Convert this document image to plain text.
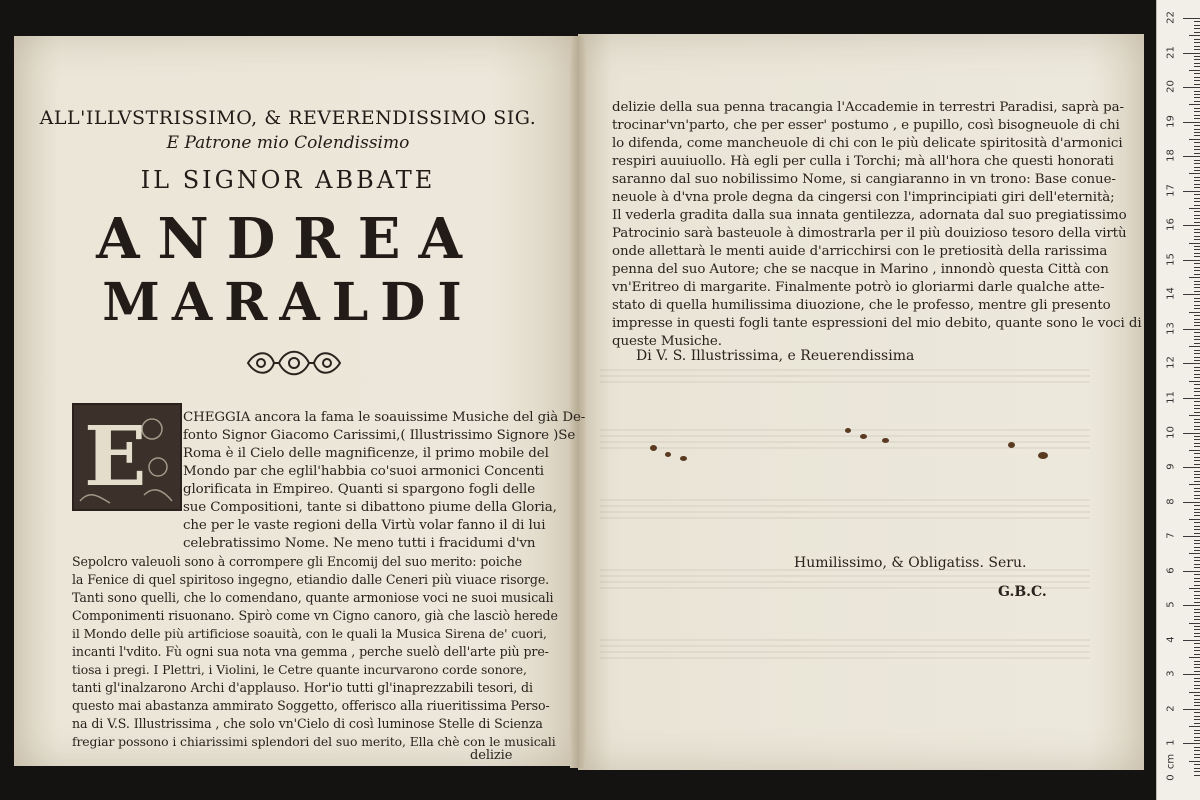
ALL'ILLVSTRISSIMO, & REVERENDISSIMO SIG.
E Patrone mio Colendissimo
IL SIGNOR ABBATE
ANDREA
MARALDI
E	CHEGGIA ancora la fama le soauissime Musiche del già De-
fonto Signor Giacomo Carissimi,( Illustrissimo Signore )Se
Roma è il Cielo delle magnificenze, il primo mobile del
Mondo par che eglil'habbia co'suoi armonici Concenti
glorificata in Empireo. Quanti si spargono fogli delle
sue Compositioni, tante si dibattono piume della Gloria,
che per le vaste regioni della Virtù volar fanno il di lui
celebratissimo Nome. Ne meno tutti i fracidumi d'vn
Sepolcro valeuoli sono à corrompere gli Encomij del suo merito: poiche
la Fenice di quel spiritoso ingegno, etiandio dalle Ceneri più viuace risorge.
Tanti sono quelli, che lo comendano, quante armoniose voci ne suoi musicali
Componimenti risuonano. Spirò come vn Cigno canoro, già che lasciò herede
il Mondo delle più artificiose soauità, con le quali la Musica Sirena de' cuori,
incanti l'vdito. Fù ogni sua nota vna gemma , perche suelò dell'arte più pre-
tiosa i pregi. I Plettri, i Violini, le Cetre quante incurvarono corde sonore,
tanti gl'inalzarono Archi d'applauso. Hor'io tutti gl'inaprezzabili tesori, di
questo mai abastanza ammirato Soggetto, offerisco alla riueritissima Perso-
na di V.S. Illustrissima , che solo vn'Cielo di così luminose Stelle di Scienza
fregiar possono i chiarissimi splendori del suo merito, Ella chè con le musicali
delizie
delizie della sua penna tracangia l'Accademie in terrestri Paradisi, saprà pa-
trocinar'vn'parto, che per esser' postumo , e pupillo, così bisogneuole di chi
lo difenda, come mancheuole di chi con le più delicate spiritosità d'armonici
respiri auuiuollo. Hà egli per culla i Torchi; mà all'hora che questi honorati
saranno dal suo nobilissimo Nome, si cangiaranno in vn trono: Base conue-
neuole à d'vna prole degna da cingersi con l'imprincipiati giri dell'eternità;
Il vederla gradita dalla sua innata gentilezza, adornata dal suo pregiatissimo
Patrocinio sarà basteuole à dimostrarla per il più douizioso tesoro della virtù
onde allettarà le menti auide d'arricchirsi con le pretiosità della rarissima
penna del suo Autore; che se nacque in Marino , innondò questa Città con
vn'Eritreo di margarite. Finalmente potrò io gloriarmi darle qualche atte-
stato di quella humilissima diuozione, che le professo, mentre gli presento
impresse in questi fogli tante espressioni del mio debito, quante sono le voci di
queste Musiche.
Di V. S. Illustrissima, e Reuerendissima
Humilissimo, & Obligatiss. Seru.
G.B.C.
22
21
20
19
18
17
16
15
14
13
12
11
10
9
8
7
6
5
4
3
2
1
0
cm
